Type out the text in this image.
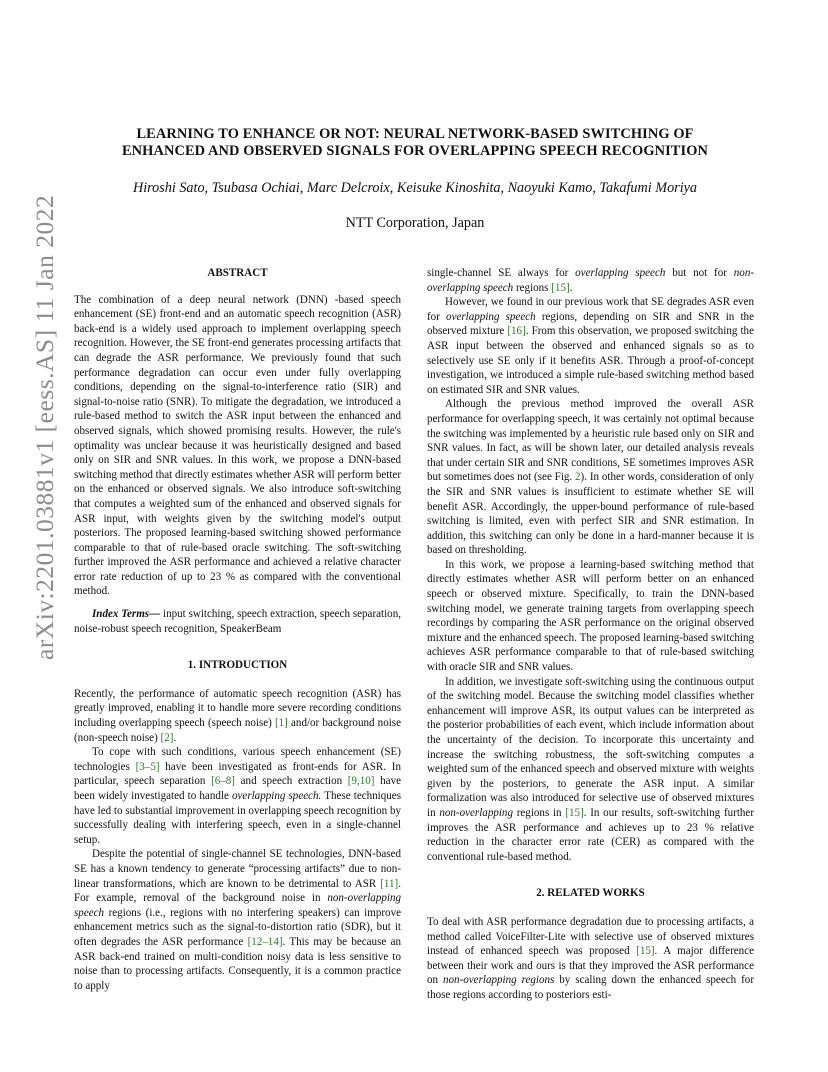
arXiv:2201.03881v1 [eess.AS] 11 Jan 2022
LEARNING TO ENHANCE OR NOT: NEURAL NETWORK-BASED SWITCHING OF
ENHANCED AND OBSERVED SIGNALS FOR OVERLAPPING SPEECH RECOGNITION
Hiroshi Sato, Tsubasa Ochiai, Marc Delcroix, Keisuke Kinoshita, Naoyuki Kamo, Takafumi Moriya
NTT Corporation, Japan
ABSTRACT

The combination of a deep neural network (DNN) -based speech enhancement (SE) front-end and an automatic speech recognition (ASR) back-end is a widely used approach to implement overlapping speech recognition. However, the SE front-end generates processing artifacts that can degrade the ASR performance. We previously found that such performance degradation can occur even under fully overlapping conditions, depending on the signal-to-interference ratio (SIR) and signal-to-noise ratio (SNR). To mitigate the degradation, we introduced a rule-based method to switch the ASR input between the enhanced and observed signals, which showed promising results. However, the rule's optimality was unclear because it was heuristically designed and based only on SIR and SNR values. In this work, we propose a DNN-based switching method that directly estimates whether ASR will perform better on the enhanced or observed signals. We also introduce soft-switching that computes a weighted sum of the enhanced and observed signals for ASR input, with weights given by the switching model's output posteriors. The proposed learning-based switching showed performance comparable to that of rule-based oracle switching. The soft-switching further improved the ASR performance and achieved a relative character error rate reduction of up to 23 % as compared with the conventional method.

Index Terms— input switching, speech extraction, speech separation, noise-robust speech recognition, SpeakerBeam

1. INTRODUCTION

Recently, the performance of automatic speech recognition (ASR) has greatly improved, enabling it to handle more severe recording conditions including overlapping speech (speech noise) [1] and/or background noise (non-speech noise) [2].

To cope with such conditions, various speech enhancement (SE) technologies [3–5] have been investigated as front-ends for ASR. In particular, speech separation [6–8] and speech extraction [9,10] have been widely investigated to handle overlapping speech. These techniques have led to substantial improvement in overlapping speech recognition by successfully dealing with interfering speech, even in a single-channel setup.

Despite the potential of single-channel SE technologies, DNN-based SE has a known tendency to generate “processing artifacts” due to non-linear transformations, which are known to be detrimental to ASR [11]. For example, removal of the background noise in non-overlapping speech regions (i.e., regions with no interfering speakers) can improve enhancement metrics such as the signal-to-distortion ratio (SDR), but it often degrades the ASR performance [12–14]. This may be because an ASR back-end trained on multi-condition noisy data is less sensitive to noise than to processing artifacts. Consequently, it is a common practice to apply

single-channel SE always for overlapping speech but not for non-overlapping speech regions [15].

However, we found in our previous work that SE degrades ASR even for overlapping speech regions, depending on SIR and SNR in the observed mixture [16]. From this observation, we proposed switching the ASR input between the observed and enhanced signals so as to selectively use SE only if it benefits ASR. Through a proof-of-concept investigation, we introduced a simple rule-based switching method based on estimated SIR and SNR values.

Although the previous method improved the overall ASR performance for overlapping speech, it was certainly not optimal because the switching was implemented by a heuristic rule based only on SIR and SNR values. In fact, as will be shown later, our detailed analysis reveals that under certain SIR and SNR conditions, SE sometimes improves ASR but sometimes does not (see Fig. 2). In other words, consideration of only the SIR and SNR values is insufficient to estimate whether SE will benefit ASR. Accordingly, the upper-bound performance of rule-based switching is limited, even with perfect SIR and SNR estimation. In addition, this switching can only be done in a hard-manner because it is based on thresholding.

In this work, we propose a learning-based switching method that directly estimates whether ASR will perform better on an enhanced speech or observed mixture. Specifically, to train the DNN-based switching model, we generate training targets from overlapping speech recordings by comparing the ASR performance on the original observed mixture and the enhanced speech. The proposed learning-based switching achieves ASR performance comparable to that of rule-based switching with oracle SIR and SNR values.

In addition, we investigate soft-switching using the continuous output of the switching model. Because the switching model classifies whether enhancement will improve ASR, its output values can be interpreted as the posterior probabilities of each event, which include information about the uncertainty of the decision. To incorporate this uncertainty and increase the switching robustness, the soft-switching computes a weighted sum of the enhanced speech and observed mixture with weights given by the posteriors, to generate the ASR input. A similar formalization was also introduced for selective use of observed mixtures in non-overlapping regions in [15]. In our results, soft-switching further improves the ASR performance and achieves up to 23 % relative reduction in the character error rate (CER) as compared with the conventional rule-based method.

2. RELATED WORKS

To deal with ASR performance degradation due to processing artifacts, a method called VoiceFilter-Lite with selective use of observed mixtures instead of enhanced speech was proposed [15]. A major difference between their work and ours is that they improved the ASR performance on non-overlapping regions by scaling down the enhanced speech for those regions according to posteriors esti-
